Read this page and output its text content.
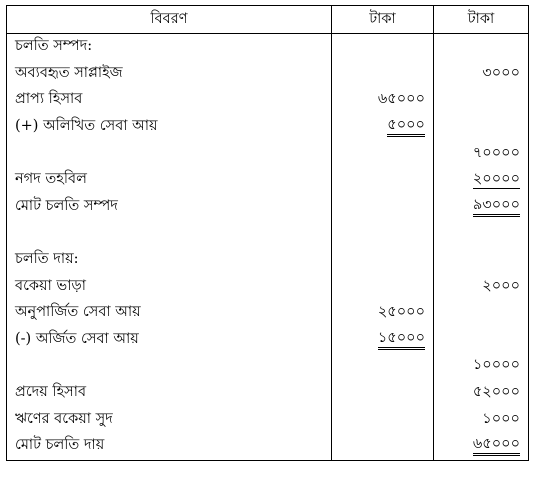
বিবরণ	টাকা	টাকা
চলতি সম্পদ:		
অব্যবহৃত সাপ্লাইজ		৩০০০
প্রাপ্য হিসাব	৬৫০০০	
(+) অলিখিত সেবা আয়	৫০০০	
		৭০০০০
নগদ তহবিল		২০০০০
মোট চলতি সম্পদ		৯৩০০০

চলতি দায়:		
বকেয়া ভাড়া		২০০০
অনুপার্জিত সেবা আয়	২৫০০০	
(-) অর্জিত সেবা আয়	১৫০০০	
		১০০০০
প্রদেয় হিসাব		৫২০০০
ঋণের বকেয়া সুদ		১০০০
মোট চলতি দায়		৬৫০০০
